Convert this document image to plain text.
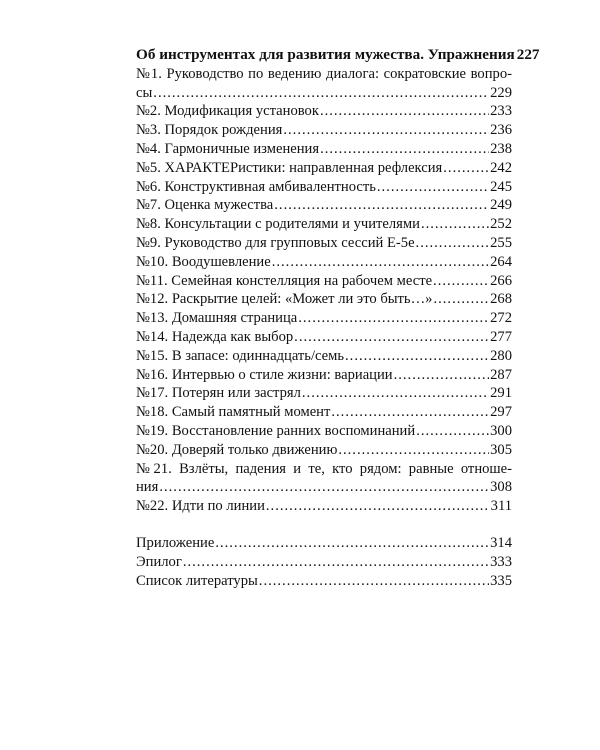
Об инструментах для развития мужества. Упражнения 227
№1. Руководство по ведению диалога: сократовские вопро-
сы .....	229
№2. Модификация установок .....	233
№3. Порядок рождения .....	236
№4. Гармоничные изменения .....	238
№5. ХАРАКТЕРистики: направленная рефлексия .....	242
№6. Конструктивная амбивалентность .....	245
№7. Оценка мужества .....	249
№8. Консультации с родителями и учителями .....	252
№9. Руководство для групповых сессий Е-5е .....	255
№10. Воодушевление .....	264
№11. Семейная констелляция на рабочем месте .....	266
№12. Раскрытие целей: «Может ли это быть…» .....	268
№13. Домашняя страница .....	272
№14. Надежда как выбор .....	277
№15. В запасе: одиннадцать/семь .....	280
№16. Интервью о стиле жизни: вариации .....	287
№17. Потерян или застрял .....	291
№18. Самый памятный момент .....	297
№19. Восстановление ранних воспоминаний .....	300
№20. Доверяй только движению .....	305
№21. Взлёты, падения и те, кто рядом: равные отноше-
ния .....	308
№22. Идти по линии .....	311
Приложение .....	314
Эпилог .....	333
Список литературы .....	335
